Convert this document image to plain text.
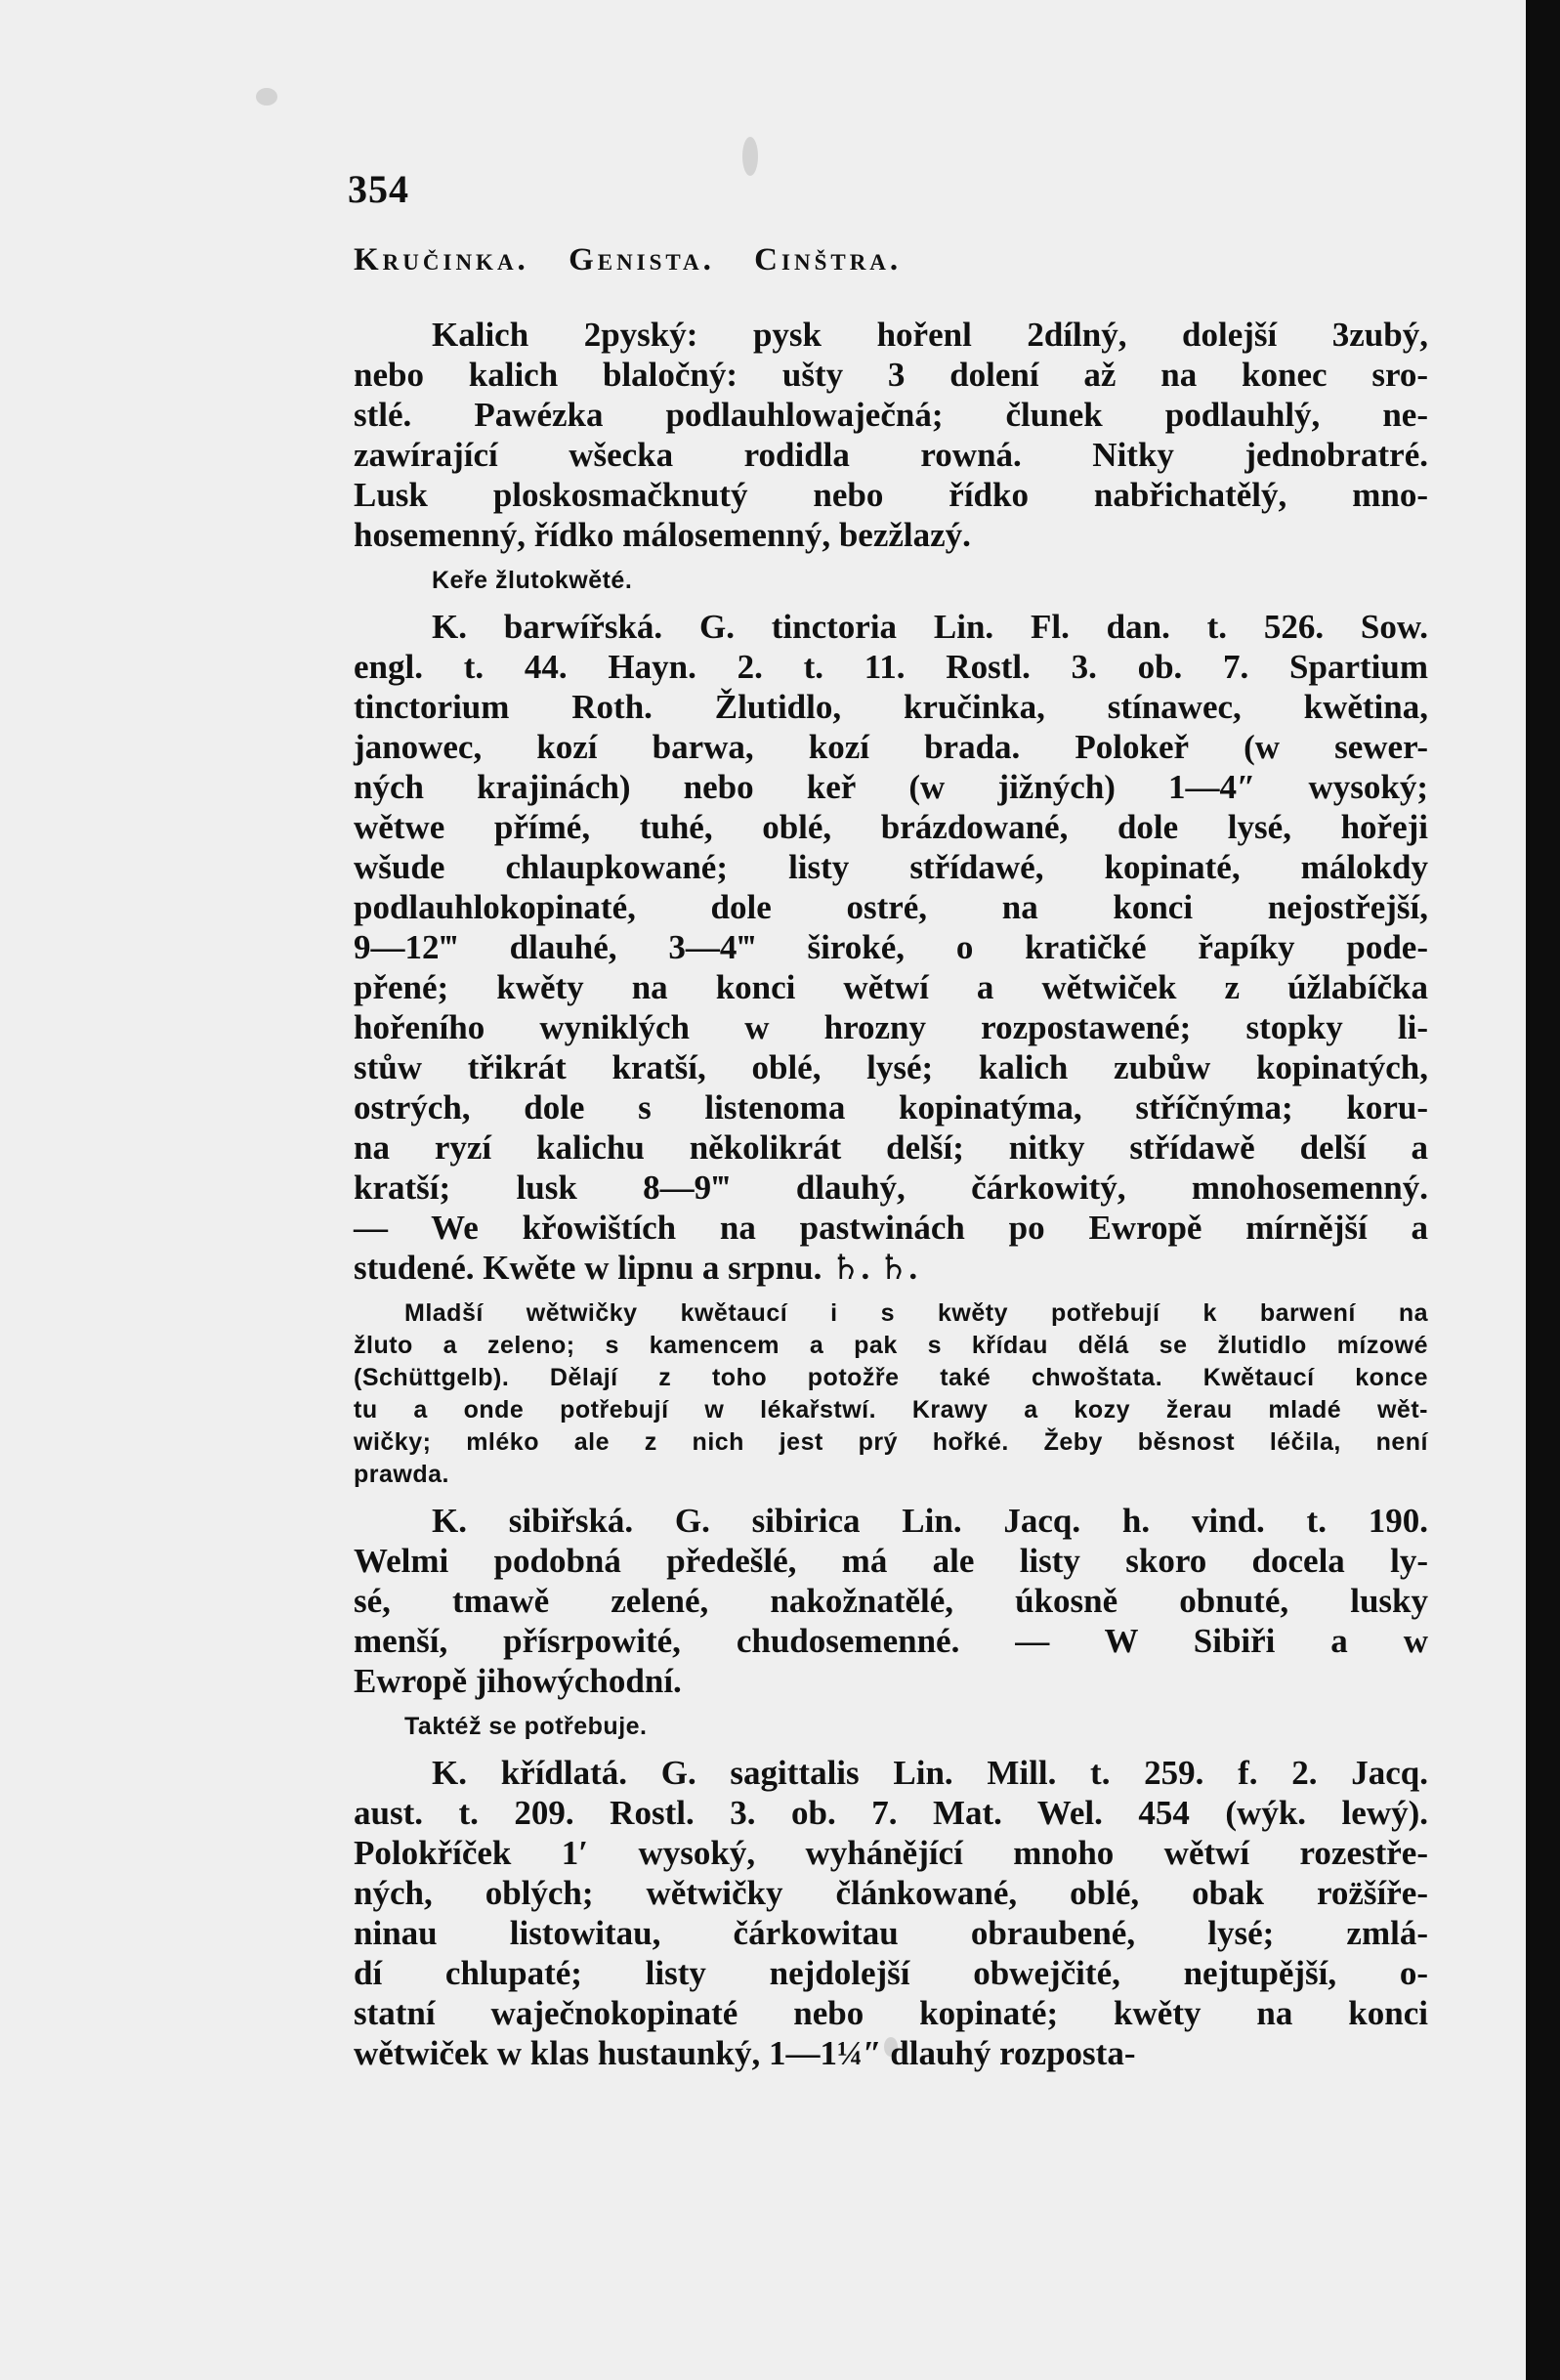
354
Kručinka. Genista. Cinštra.
Kalich 2pyský: pysk hořenl 2dílný, dolejší 3zubý,
nebo kalich blaločný: ušty 3 dolení až na konec sro-
stlé. Pawézka podlauhlowaječná; člunek podlauhlý, ne-
zawírající wšecka rodidla rowná. Nitky jednobratré.
Lusk ploskosmačknutý nebo řídko nabřichatělý, mno-
hosemenný, řídko málosemenný, bezžlazý.
Keře žlutokwěté.
K. barwířská. G. tinctoria Lin. Fl. dan. t. 526. Sow.
engl. t. 44. Hayn. 2. t. 11. Rostl. 3. ob. 7. Spartium
tinctorium Roth. Žlutidlo, kručinka, stínawec, kwětina,
janowec, kozí barwa, kozí brada. Polokeř (w sewer-
ných krajinách) nebo keř (w jižných) 1—4″ wysoký;
wětwe přímé, tuhé, oblé, brázdowané, dole lysé, hořeji
wšude chlaupkowané; listy střídawé, kopinaté, málokdy
podlauhlokopinaté, dole ostré, na konci nejostřejší,
9—12‴ dlauhé, 3—4‴ široké, o kratičké řapíky pode-
přené; kwěty na konci wětwí a wětwiček z úžlabíčka
hořeního wyniklých w hrozny rozpostawené; stopky li-
stůw třikrát kratší, oblé, lysé; kalich zubůw kopinatých,
ostrých, dole s listenoma kopinatýma, stříčnýma; koru-
na ryzí kalichu několikrát delší; nitky střídawě delší a
kratší; lusk 8—9‴ dlauhý, čárkowitý, mnohosemenný.
— We křowištích na pastwinách po Ewropě mírnější a
studené. Kwěte w lipnu a srpnu. ♄. ♄.
Mladší wětwičky kwětaucí i s kwěty potřebují k barwení na
žluto a zeleno; s kamencem a pak s křídau dělá se žlutidlo mízowé
(Schüttgelb). Dělají z toho potožře také chwoštata. Kwětaucí konce
tu a onde potřebují w lékařstwí. Krawy a kozy žerau mladé wět-
wičky; mléko ale z nich jest prý hořké. Žeby běsnost léčila, není
prawda.
K. sibiřská. G. sibirica Lin. Jacq. h. vind. t. 190.
Welmi podobná předešlé, má ale listy skoro docela ly-
sé, tmawě zelené, nakožnatělé, úkosně obnuté, lusky
menší, přísrpowité, chudosemenné. — W Sibiři a w
Ewropě jihowýchodní.
Taktéž se potřebuje.
K. křídlatá. G. sagittalis Lin. Mill. t. 259. f. 2. Jacq.
aust. t. 209. Rostl. 3. ob. 7. Mat. Wel. 454 (wýk. lewý).
Polokříček 1′ wysoký, wyhánějící mnoho wětwí rozestře-
ných, oblých; wětwičky článkowané, oblé, obak roz̈šíře-
ninau listowitau, čárkowitau obraubené, lysé; zmlá-
dí chlupaté; listy nejdolejší obwejčité, nejtupější, o-
statní waječnokopinaté nebo kopinaté; kwěty na konci
wětwiček w klas hustaunký, 1—1¼″ dlauhý rozposta-
